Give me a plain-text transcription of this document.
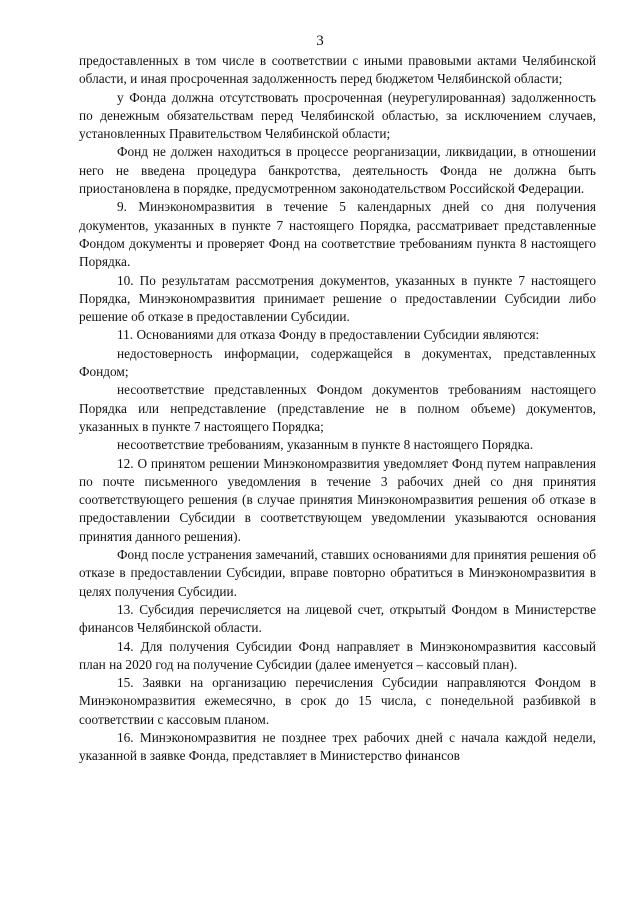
3

предоставленных в том числе в соответствии с иными правовыми актами Челябинской области, и иная просроченная задолженность перед бюджетом Челябинской области;

у Фонда должна отсутствовать просроченная (неурегулированная) задолженность по денежным обязательствам перед Челябинской областью, за исключением случаев, установленных Правительством Челябинской области;

Фонд не должен находиться в процессе реорганизации, ликвидации, в отношении него не введена процедура банкротства, деятельность Фонда не должна быть приостановлена в порядке, предусмотренном законодательством Российской Федерации.

9. Минэкономразвития в течение 5 календарных дней со дня получения документов, указанных в пункте 7 настоящего Порядка, рассматривает представленные Фондом документы и проверяет Фонд на соответствие требованиям пункта 8 настоящего Порядка.

10. По результатам рассмотрения документов, указанных в пункте 7 настоящего Порядка, Минэкономразвития принимает решение о предоставлении Субсидии либо решение об отказе в предоставлении Субсидии.

11. Основаниями для отказа Фонду в предоставлении Субсидии являются:

недостоверность информации, содержащейся в документах, представленных Фондом;

несоответствие представленных Фондом документов требованиям настоящего Порядка или непредставление (представление не в полном объеме) документов, указанных в пункте 7 настоящего Порядка;

несоответствие требованиям, указанным в пункте 8 настоящего Порядка.

12. О принятом решении Минэкономразвития уведомляет Фонд путем направления по почте письменного уведомления в течение 3 рабочих дней со дня принятия соответствующего решения (в случае принятия Минэкономразвития решения об отказе в предоставлении Субсидии в соответствующем уведомлении указываются основания принятия данного решения).

Фонд после устранения замечаний, ставших основаниями для принятия решения об отказе в предоставлении Субсидии, вправе повторно обратиться в Минэкономразвития в целях получения Субсидии.

13. Субсидия перечисляется на лицевой счет, открытый Фондом в Министерстве финансов Челябинской области.

14. Для получения Субсидии Фонд направляет в Минэкономразвития кассовый план на 2020 год на получение Субсидии (далее именуется – кассовый план).

15. Заявки на организацию перечисления Субсидии направляются Фондом в Минэкономразвития ежемесячно, в срок до 15 числа, с понедельной разбивкой в соответствии с кассовым планом.

16. Минэкономразвития не позднее трех рабочих дней с начала каждой недели, указанной в заявке Фонда, представляет в Министерство финансов
